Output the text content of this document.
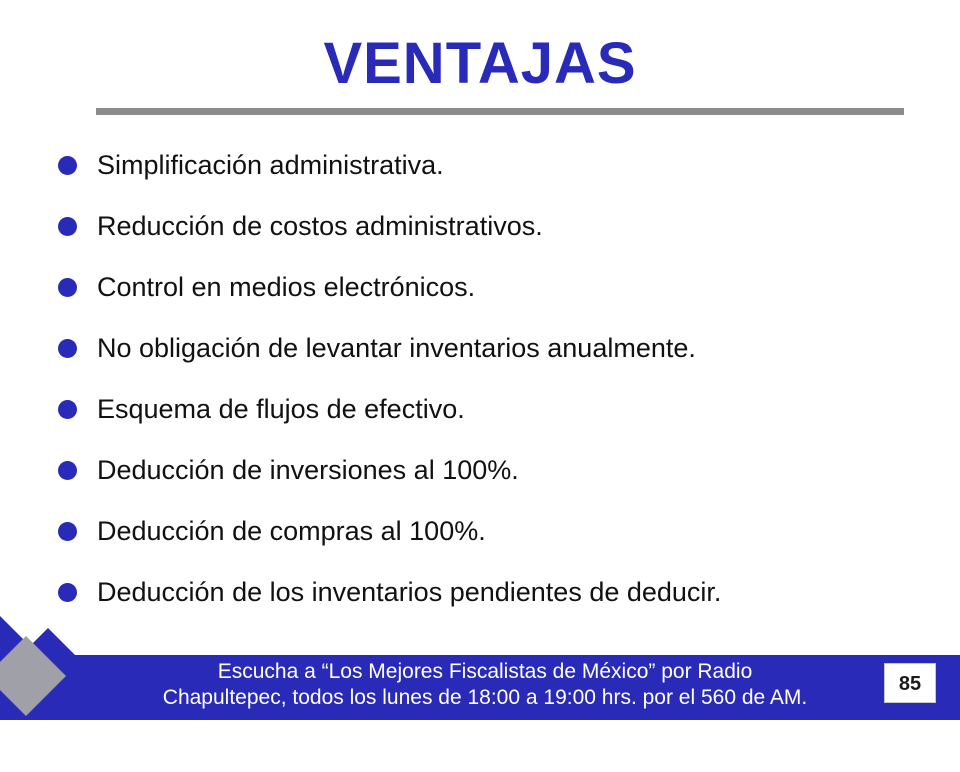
VENTAJAS
Simplificación administrativa.
Reducción de costos administrativos.
Control en medios electrónicos.
No obligación de levantar inventarios anualmente.
Esquema de flujos de efectivo.
Deducción de inversiones al 100%.
Deducción de compras al 100%.
Deducción de los inventarios pendientes de deducir.
Escucha a “Los Mejores Fiscalistas de México” por Radio
Chapultepec, todos los lunes de 18:00 a 19:00 hrs. por el 560 de AM.
85
